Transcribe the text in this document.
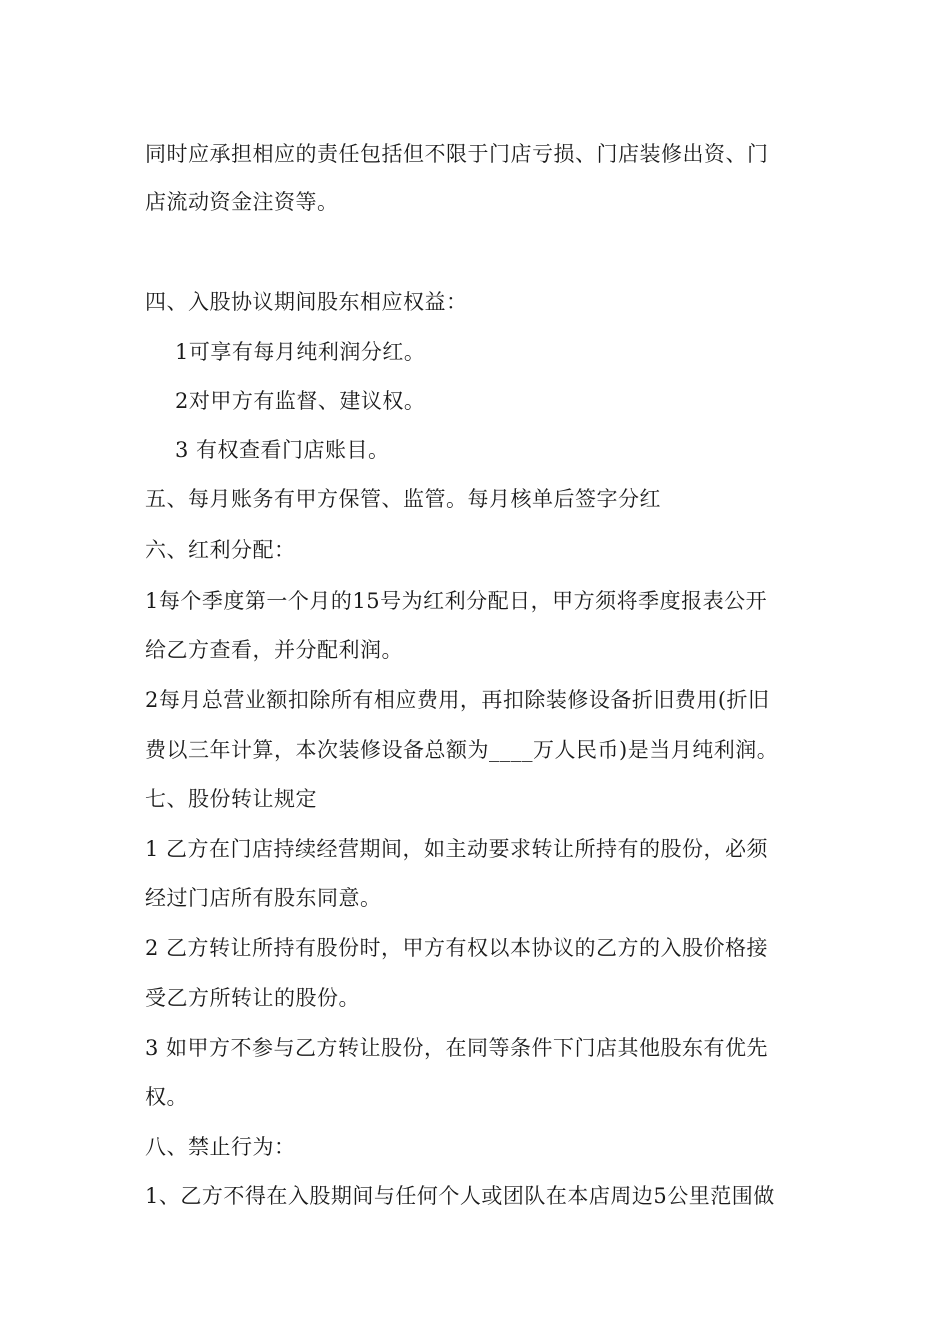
同时应承担相应的责任包括但不限于门店亏损、门店装修出资、门
店流动资金注资等。
四、入股协议期间股东相应权益：
1可享有每月纯利润分红。
2对甲方有监督、建议权。
3 有权查看门店账目。
五、每月账务有甲方保管、监管。每月核单后签字分红
六、红利分配：
1每个季度第一个月的15号为红利分配日，甲方须将季度报表公开
给乙方查看，并分配利润。
2每月总营业额扣除所有相应费用，再扣除装修设备折旧费用(折旧
费以三年计算，本次装修设备总额为____万人民币)是当月纯利润。
七、股份转让规定
1 乙方在门店持续经营期间，如主动要求转让所持有的股份，必须
经过门店所有股东同意。
2 乙方转让所持有股份时，甲方有权以本协议的乙方的入股价格接
受乙方所转让的股份。
3 如甲方不参与乙方转让股份，在同等条件下门店其他股东有优先
权。
八、禁止行为：
1、乙方不得在入股期间与任何个人或团队在本店周边5公里范围做
